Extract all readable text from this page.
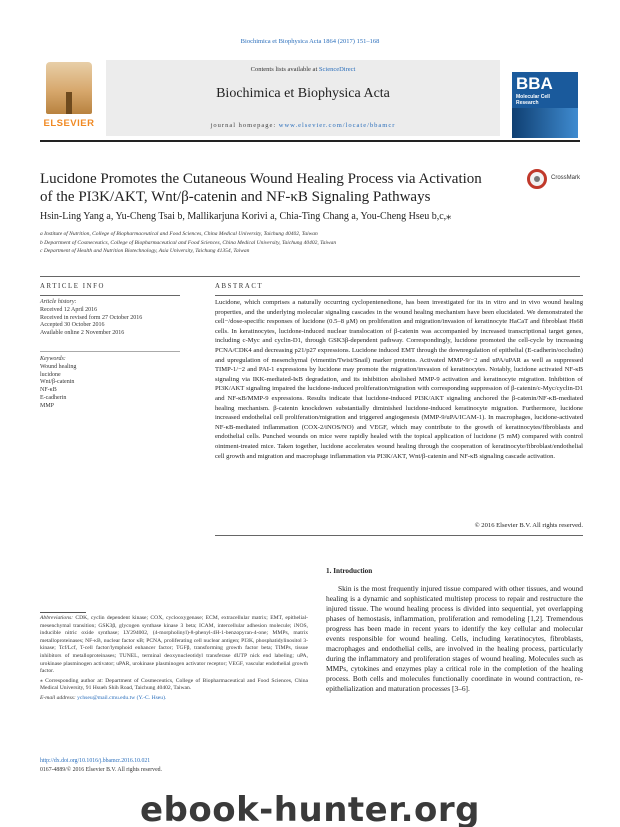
Biochimica et Biophysica Acta 1864 (2017) 151–168
ELSEVIER
Contents lists available at ScienceDirect
Biochimica et Biophysica Acta
journal homepage: www.elsevier.com/locate/bbamcr
BBA
Molecular Cell
Research
Lucidone Promotes the Cutaneous Wound Healing Process via Activation
of the PI3K/AKT, Wnt/β-catenin and NF-κB Signaling Pathways
CrossMark
Hsin-Ling Yang a, Yu-Cheng Tsai b, Mallikarjuna Korivi a, Chia-Ting Chang a, You-Cheng Hseu b,c,⁎
a Institute of Nutrition, College of Biopharmaceutical and Food Sciences, China Medical University, Taichung 40402, Taiwan
b Department of Cosmeceutics, College of Biopharmaceutical and Food Sciences, China Medical University, Taichung 40402, Taiwan
c Department of Health and Nutrition Biotechnology, Asia University, Taichung 41354, Taiwan
ARTICLE INFO	ABSTRACT
Article history:
Received 12 April 2016
Received in revised form 27 October 2016
Accepted 30 October 2016
Available online 2 November 2016
Keywords:
Wound healing
lucidone
Wnt/β-catenin
NF-κB
E-cadherin
MMP
Lucidone, which comprises a naturally occurring cyclopentenedione, has been investigated for its in vitro and in vivo wound healing properties, and the underlying molecular signaling cascades in the wound healing mechanism have been elucidated. We demonstrated the cell−/dose-specific responses of lucidone (0.5–8 μM) on proliferation and migration/invasion of keratinocyte HaCaT and fibroblast Hs68 cells. In keratinocytes, lucidone-induced nuclear translocation of β-catenin was accompanied by increased transcriptional target genes, including c-Myc and cyclin-D1, through GSK3β-dependent pathway. Correspondingly, lucidone promoted the cell-cycle by increasing PCNA/CDK4 and decreasing p21/p27 expressions. Lucidone induced EMT through the downregulation of epithelial (E-cadherin/occludin) and upregulation of mesenchymal (vimentin/Twist/Snail) marker proteins. Activated MMP-9/−2 and uPA/uPAR as well as suppressed TIMP-1/−2 and PAI-1 expressions by lucidone may promote the migration/invasion of keratinocytes. Notably, lucidone activated NF-κB signaling via IKK-mediated-IκB degradation, and its inhibition abolished MMP-9 activation and keratinocyte migration. Inhibition of PI3K/AKT signaling impaired the lucidone-induced proliferation/migration with corresponding suppression of β-catenin/c-Myc/cyclin-D1 and NF-κB/MMP-9 expressions. Results indicate that lucidone-induced PI3K/AKT signaling anchored the β-catenin/NF-κB-mediated healing mechanism. β-catenin knockdown substantially diminished lucidone-induced keratinocyte migration. Furthermore, lucidone increased endothelial cell proliferation/migration and triggered angiogenesis (MMP-9/uPA/ICAM-1). In macrophages, lucidone-activated NF-κB-mediated inflammation (COX-2/iNOS/NO) and VEGF, which may contribute to the growth of keratinocytes/fibroblasts and endothelial cells. Punched wounds on mice were rapidly healed with the topical application of lucidone (5 mM) compared with control ointment-treated mice. Taken together, lucidone accelerates wound healing through the cooperation of keratinocyte/fibroblast/endothelial cell growth and migration and macrophage inflammation via PI3K/AKT, Wnt/β-catenin and NF-κB signaling cascade activation.
© 2016 Elsevier B.V. All rights reserved.
1. Introduction
Skin is the most frequently injured tissue compared with other tissues, and wound healing is a dynamic and sophisticated multistep process to repair and restructure the injured tissue. The wound healing process is divided into sequential, yet overlapping phases of hemostasis, inflammation, proliferation and remodeling [1,2]. Tremendous progress has been made in recent years to identify the key cellular and molecular events responsible for wound healing. Cells, including keratinocytes, fibroblasts, macrophages and endothelial cells, are involved in the healing process, particularly during the inflammatory and proliferation stages of wound healing. Molecules such as MMPs, cytokines and enzymes play a critical role in the completion of the healing process. Both cells and molecules functionally coordinate in wound contraction, re-epithelialization and maturation processes [3–6].

Abbreviations: CDK, cyclin dependent kinase; COX, cyclooxygenase; ECM, extracellular matrix; EMT, epithelial-mesenchymal transition; GSK3β, glycogen synthase kinase 3 beta; ICAM, intercellular adhesion molecule; iNOS, inducible nitric oxide synthase; LY294002, (4-morpholinyl)-8-phenyl-4H-1-benzopyran-4-one; MMPs, matrix metalloproteinases; NF-κB, nuclear factor κB; PCNA, proliferating cell nuclear antigen; PI3K, phosphatidylinositol 3-kinase; Tcf/Lcf, T-cell factor/lymphoid enhancer factor; TGFβ, transforming growth factor beta; TIMPs, tissue inhibitors of metalloproteinases; TUNEL, terminal deoxynucleotidyl transferase dUTP nick end labeling; uPA, urokinase plasminogen activator; uPAR, urokinase plasminogen activator receptor; VEGF, vascular endothelial growth factor.

⁎ Corresponding author at: Department of Cosmeceutics, College of Biopharmaceutical and Food Sciences, China Medical University, 91 Hsueh Shih Road, Taichung 40402, Taiwan.

E-mail address: ychseu@mail.cmu.edu.tw (Y.-C. Hseu).

http://dx.doi.org/10.1016/j.bbamcr.2016.10.021
0167-4889/© 2016 Elsevier B.V. All rights reserved.
ebook-hunter.org
